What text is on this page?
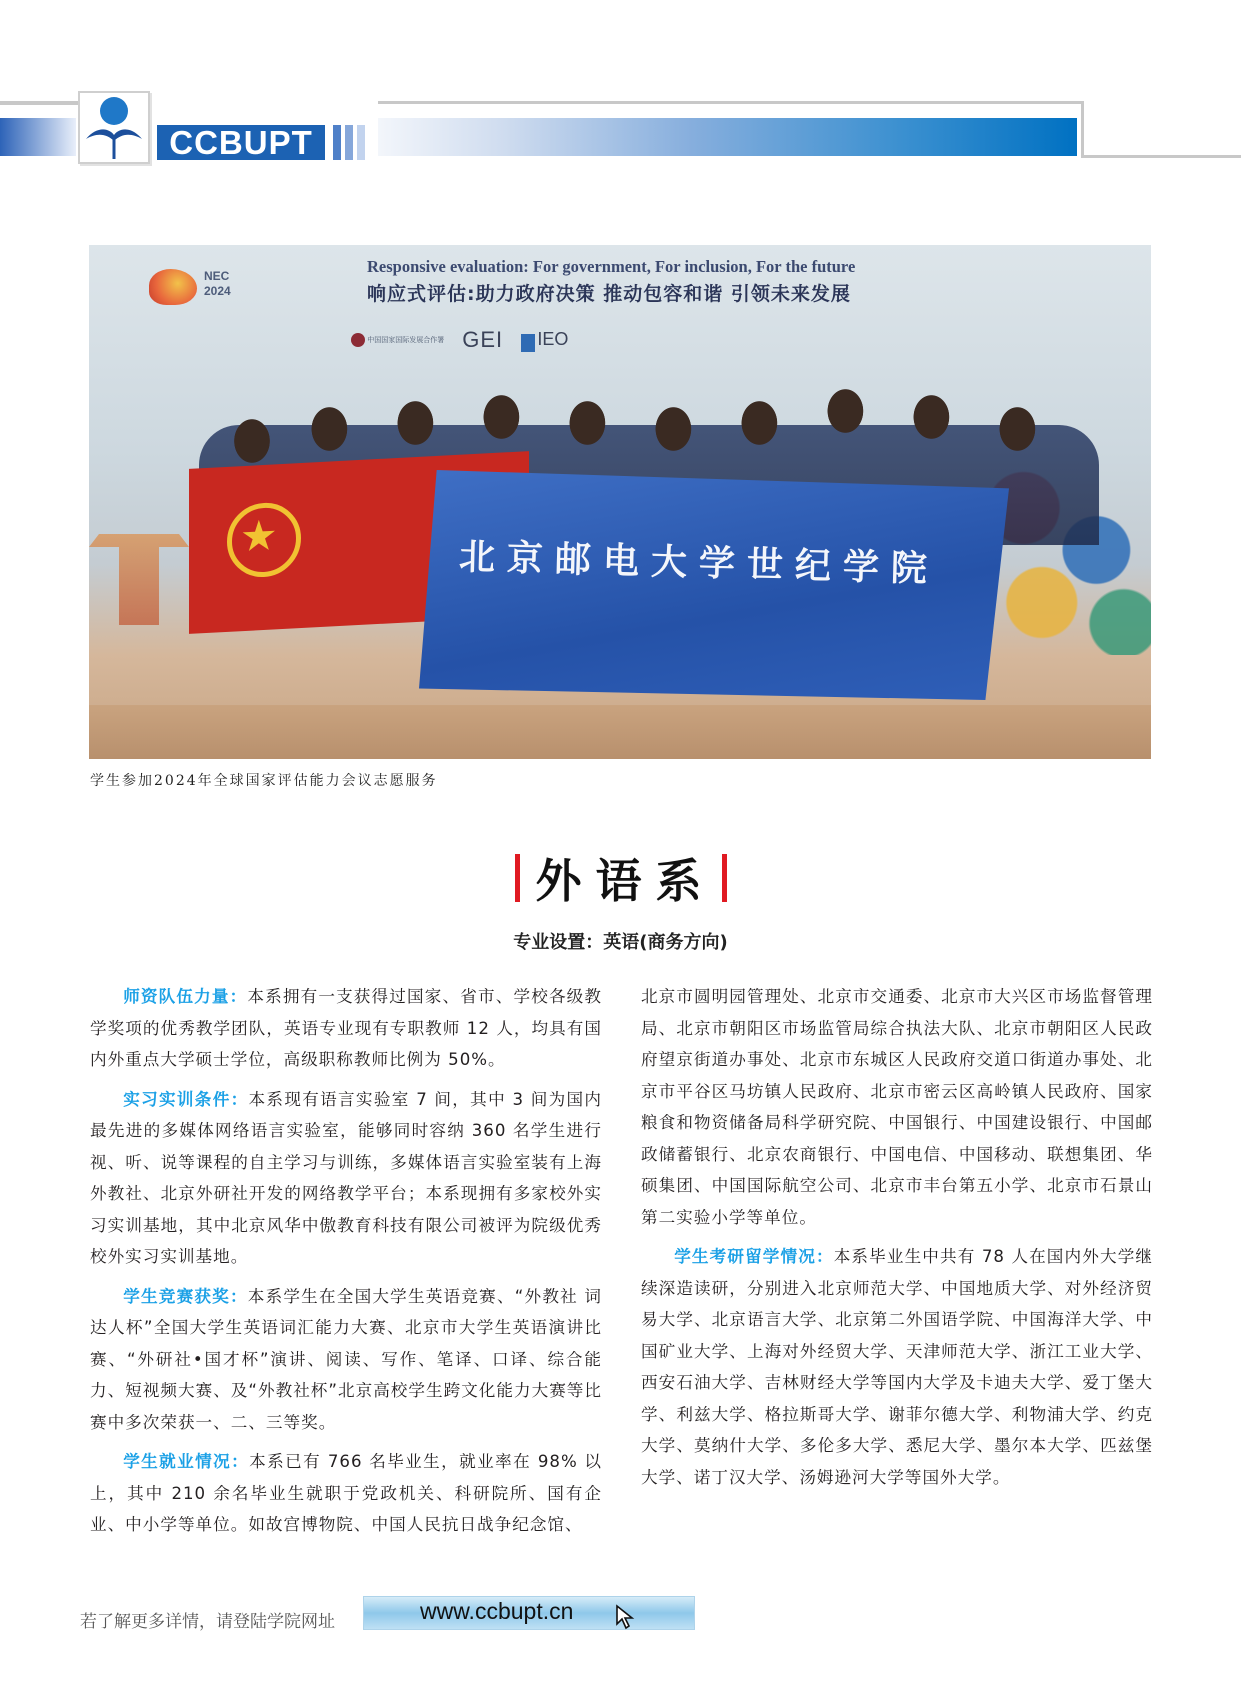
CCBUPT
NEC
2024
Responsive evaluation: For government, For inclusion, For the future
响应式评估:助力政府决策 推动包容和谐 引领未来发展
中国国家国际发展合作署 GEI	IEO
★
北京邮电大学世纪学院
学生参加2024年全球国家评估能力会议志愿服务
外语系
专业设置：英语(商务方向)

师资队伍力量：本系拥有一支获得过国家、省市、学校各级教学奖项的优秀教学团队，英语专业现有专职教师 12 人，均具有国内外重点大学硕士学位，高级职称教师比例为 50%。

实习实训条件：本系现有语言实验室 7 间，其中 3 间为国内最先进的多媒体网络语言实验室，能够同时容纳 360 名学生进行视、听、说等课程的自主学习与训练，多媒体语言实验室装有上海外教社、北京外研社开发的网络教学平台；本系现拥有多家校外实习实训基地，其中北京风华中傲教育科技有限公司被评为院级优秀校外实习实训基地。

学生竞赛获奖：本系学生在全国大学生英语竞赛、“外教社 词达人杯”全国大学生英语词汇能力大赛、北京市大学生英语演讲比赛、“外研社•国才杯”演讲、阅读、写作、笔译、口译、综合能力、短视频大赛、及“外教社杯”北京高校学生跨文化能力大赛等比赛中多次荣获一、二、三等奖。

学生就业情况：本系已有 766 名毕业生，就业率在 98% 以上，其中 210 余名毕业生就职于党政机关、科研院所、国有企业、中小学等单位。如故宫博物院、中国人民抗日战争纪念馆、

北京市圆明园管理处、北京市交通委、北京市大兴区市场监督管理局、北京市朝阳区市场监管局综合执法大队、北京市朝阳区人民政府望京街道办事处、北京市东城区人民政府交道口街道办事处、北京市平谷区马坊镇人民政府、北京市密云区高岭镇人民政府、国家粮食和物资储备局科学研究院、中国银行、中国建设银行、中国邮政储蓄银行、北京农商银行、中国电信、中国移动、联想集团、华硕集团、中国国际航空公司、北京市丰台第五小学、北京市石景山第二实验小学等单位。

学生考研留学情况：本系毕业生中共有 78 人在国内外大学继续深造读研，分别进入北京师范大学、中国地质大学、对外经济贸易大学、北京语言大学、北京第二外国语学院、中国海洋大学、中国矿业大学、上海对外经贸大学、天津师范大学、浙江工业大学、西安石油大学、吉林财经大学等国内大学及卡迪夫大学、爱丁堡大学、利兹大学、格拉斯哥大学、谢菲尔德大学、利物浦大学、约克大学、莫纳什大学、多伦多大学、悉尼大学、墨尔本大学、匹兹堡大学、诺丁汉大学、汤姆逊河大学等国外大学。

若了解更多详情，请登陆学院网址	www.ccbupt.cn
